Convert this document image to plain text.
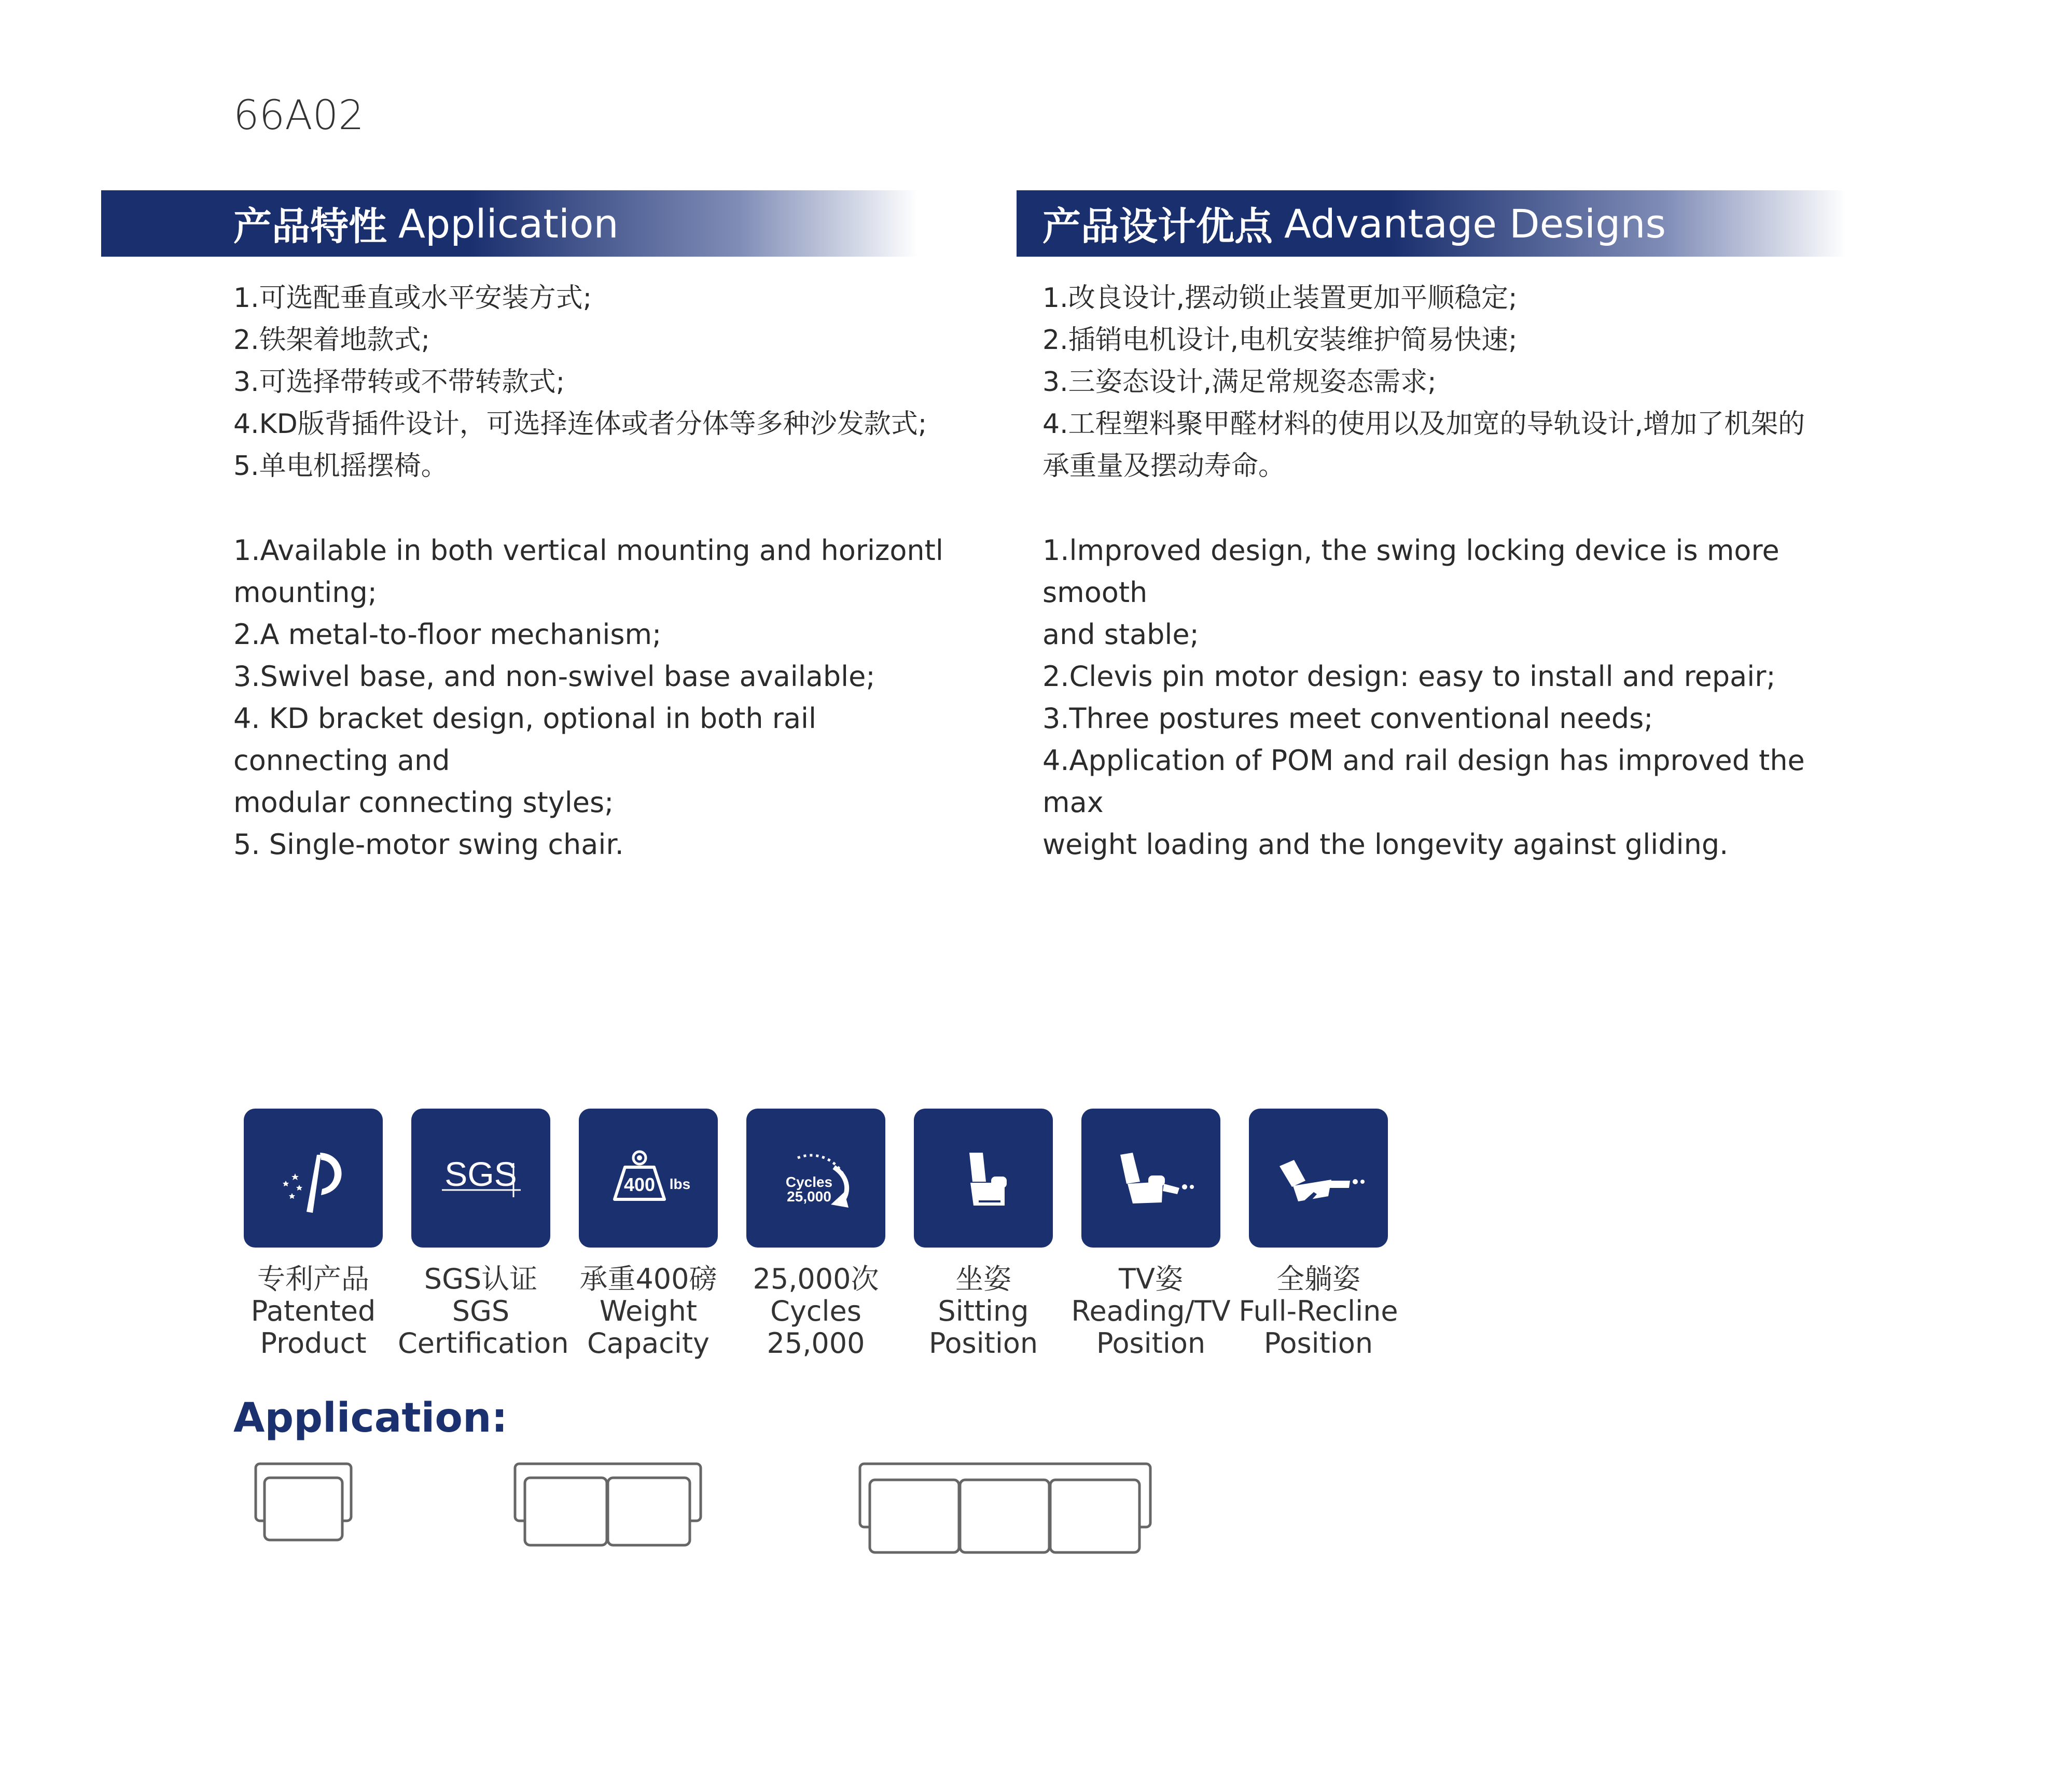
66A02
产品特性 Application	产品设计优点 Advantage Designs
1.可选配垂直或水平安装方式;
2.铁架着地款式;
3.可选择带转或不带转款式;
4.KD版背插件设计，可选择连体或者分体等多种沙发款式;
5.单电机摇摆椅。
1.Available in both vertical mounting and horizontl
mounting;
2.A metal-to-floor mechanism;
3.Swivel base, and non-swivel base available;
4. KD bracket design, optional in both rail connecting and
modular connecting styles;
5. Single-motor swing chair.
1.改良设计,摆动锁止装置更加平顺稳定;
2.插销电机设计,电机安装维护简易快速;
3.三姿态设计,满足常规姿态需求;
4.工程塑料聚甲醛材料的使用以及加宽的导轨设计,增加了机架的
承重量及摆动寿命。
1.lmproved design, the swing locking device is more smooth
and stable;
2.Clevis pin motor design: easy to install and repair;
3.Three postures meet conventional needs;
4.Application of POM and rail design has improved the max
weight loading and the longevity against gliding.
专利产品
Patented
Product
SGS
SGS认证
SGS
Certification
400 lbs
承重400磅
Weight
Capacity
Cycles
25,000
25,000次
Cycles
25,000
坐姿
Sitting
Position
TV姿
Reading/TV
Position
全躺姿
Full-Recline
Position
Application:
